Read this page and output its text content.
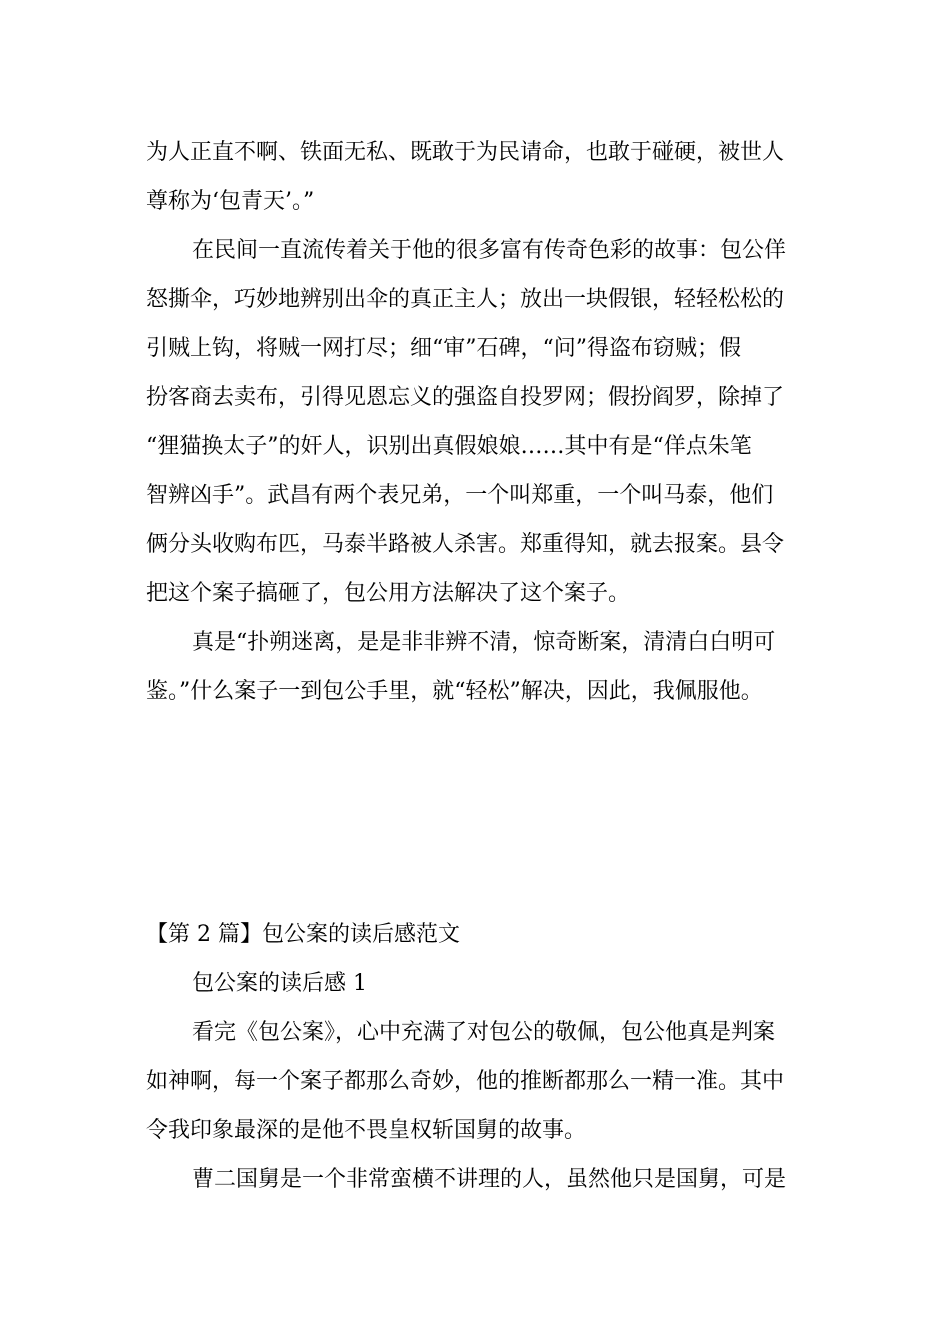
为人正直不啊、铁面无私、既敢于为民请命，也敢于碰硬，被世人
尊称为‘包青天’。”
在民间一直流传着关于他的很多富有传奇色彩的故事：包公佯
怒撕伞，巧妙地辨别出伞的真正主人；放出一块假银，轻轻松松的
引贼上钩，将贼一网打尽；细“审”石碑，“问”得盗布窃贼；假
扮客商去卖布，引得见恩忘义的强盗自投罗网；假扮阎罗，除掉了
“狸猫换太子”的奸人，识别出真假娘娘……其中有是“佯点朱笔
智辨凶手”。武昌有两个表兄弟，一个叫郑重，一个叫马泰，他们
俩分头收购布匹，马泰半路被人杀害。郑重得知，就去报案。县令
把这个案子搞砸了，包公用方法解决了这个案子。
真是“扑朔迷离，是是非非辨不清，惊奇断案，清清白白明可
鉴。”什么案子一到包公手里，就“轻松”解决，因此，我佩服他。
【第 2 篇】包公案的读后感范文
包公案的读后感 1
看完《包公案》，心中充满了对包公的敬佩，包公他真是判案
如神啊，每一个案子都那么奇妙，他的推断都那么一精一准。其中
令我印象最深的是他不畏皇权斩国舅的故事。
曹二国舅是一个非常蛮横不讲理的人，虽然他只是国舅，可是
